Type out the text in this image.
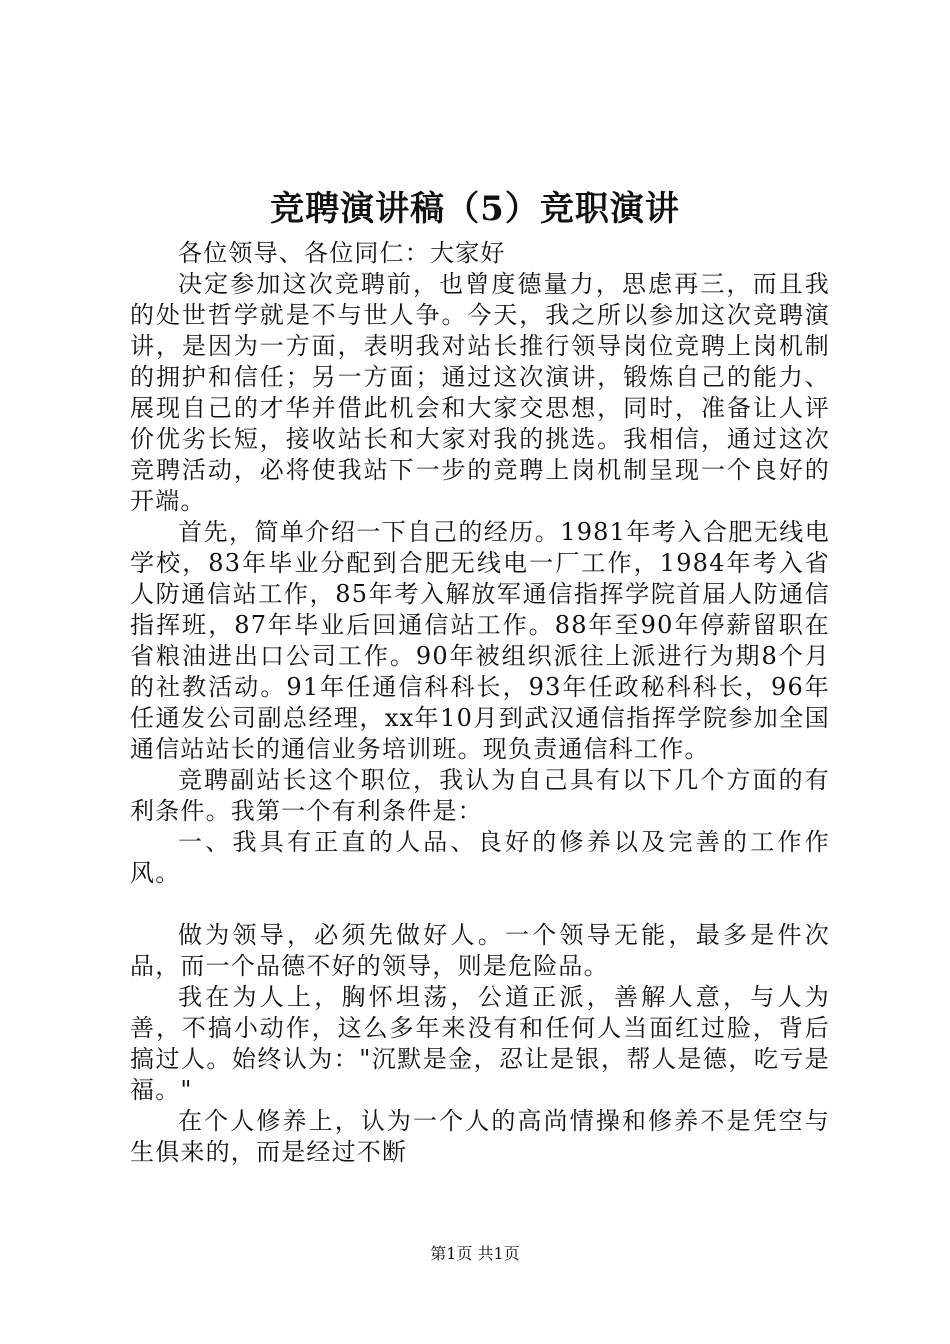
竞聘演讲稿（5）竞职演讲

各位领导、各位同仁：大家好

决定参加这次竞聘前，也曾度德量力，思虑再三，而且我的处世哲学就是不与世人争。今天，我之所以参加这次竞聘演讲，是因为一方面，表明我对站长推行领导岗位竞聘上岗机制的拥护和信任；另一方面；通过这次演讲，锻炼自己的能力、展现自己的才华并借此机会和大家交思想，同时，准备让人评价优劣长短，接收站长和大家对我的挑选。我相信，通过这次竞聘活动，必将使我站下一步的竞聘上岗机制呈现一个良好的开端。

首先，简单介绍一下自己的经历。1981年考入合肥无线电学校，83年毕业分配到合肥无线电一厂工作，1984年考入省人防通信站工作，85年考入解放军通信指挥学院首届人防通信指挥班，87年毕业后回通信站工作。88年至90年停薪留职在省粮油进出口公司工作。90年被组织派往上派进行为期8个月的社教活动。91年任通信科科长，93年任政秘科科长，96年任通发公司副总经理，xx年10月到武汉通信指挥学院参加全国通信站站长的通信业务培训班。现负责通信科工作。

竞聘副站长这个职位，我认为自己具有以下几个方面的有利条件。我第一个有利条件是：

一、我具有正直的人品、良好的修养以及完善的工作作风。

做为领导，必须先做好人。一个领导无能，最多是件次品，而一个品德不好的领导，则是危险品。

我在为人上，胸怀坦荡，公道正派，善解人意，与人为善，不搞小动作，这么多年来没有和任何人当面红过脸，背后搞过人。始终认为："沉默是金，忍让是银，帮人是德，吃亏是福。"

在个人修养上，认为一个人的高尚情操和修养不是凭空与生俱来的，而是经过不断

第1页 共1页
